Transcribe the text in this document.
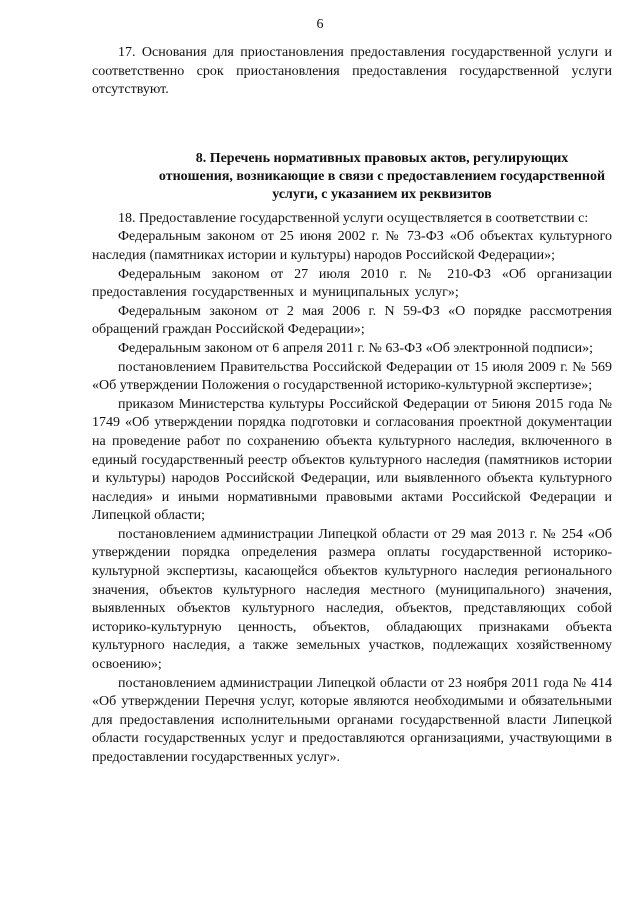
6

17. Основания для приостановления предоставления государственной услуги и соответственно срок приостановления предоставления государственной услуги отсутствуют.

8. Перечень нормативных правовых актов, регулирующих
отношения, возникающие в связи с предоставлением государственной
услуги, с указанием их реквизитов

18. Предоставление государственной услуги осуществляется в соответствии с:

Федеральным законом от 25 июня 2002 г. № 73-ФЗ «Об объектах культурного наследия (памятниках истории и культуры) народов Российской Федерации»;

Федеральным законом от 27 июля 2010 г. № 210-ФЗ «Об организации предоставления государственных и муниципальных услуг»;

Федеральным законом от 2 мая 2006 г. N 59-ФЗ «О порядке рассмотрения обращений граждан Российской Федерации»;

Федеральным законом от 6 апреля 2011 г. № 63-ФЗ «Об электронной подписи»;

постановлением Правительства Российской Федерации от 15 июля 2009 г. № 569 «Об утверждении Положения о государственной историко-культурной экспертизе»;

приказом Министерства культуры Российской Федерации от 5июня 2015 года № 1749 «Об утверждении порядка подготовки и согласования проектной документации на проведение работ по сохранению объекта культурного наследия, включенного в единый государственный реестр объектов культурного наследия (памятников истории и культуры) народов Российской Федерации, или выявленного объекта культурного наследия» и иными нормативными правовыми актами Российской Федерации и Липецкой области;

постановлением администрации Липецкой области от 29 мая 2013 г. № 254 «Об утверждении порядка определения размера оплаты государственной историко-культурной экспертизы, касающейся объектов культурного наследия регионального значения, объектов культурного наследия местного (муниципального) значения, выявленных объектов культурного наследия, объектов, представляющих собой историко-культурную ценность, объектов, обладающих признаками объекта культурного наследия, а также земельных участков, подлежащих хозяйственному освоению»;

постановлением администрации Липецкой области от 23 ноября 2011 года № 414 «Об утверждении Перечня услуг, которые являются необходимыми и обязательными для предоставления исполнительными органами государственной власти Липецкой области государственных услуг и предоставляются организациями, участвующими в предоставлении государственных услуг».
